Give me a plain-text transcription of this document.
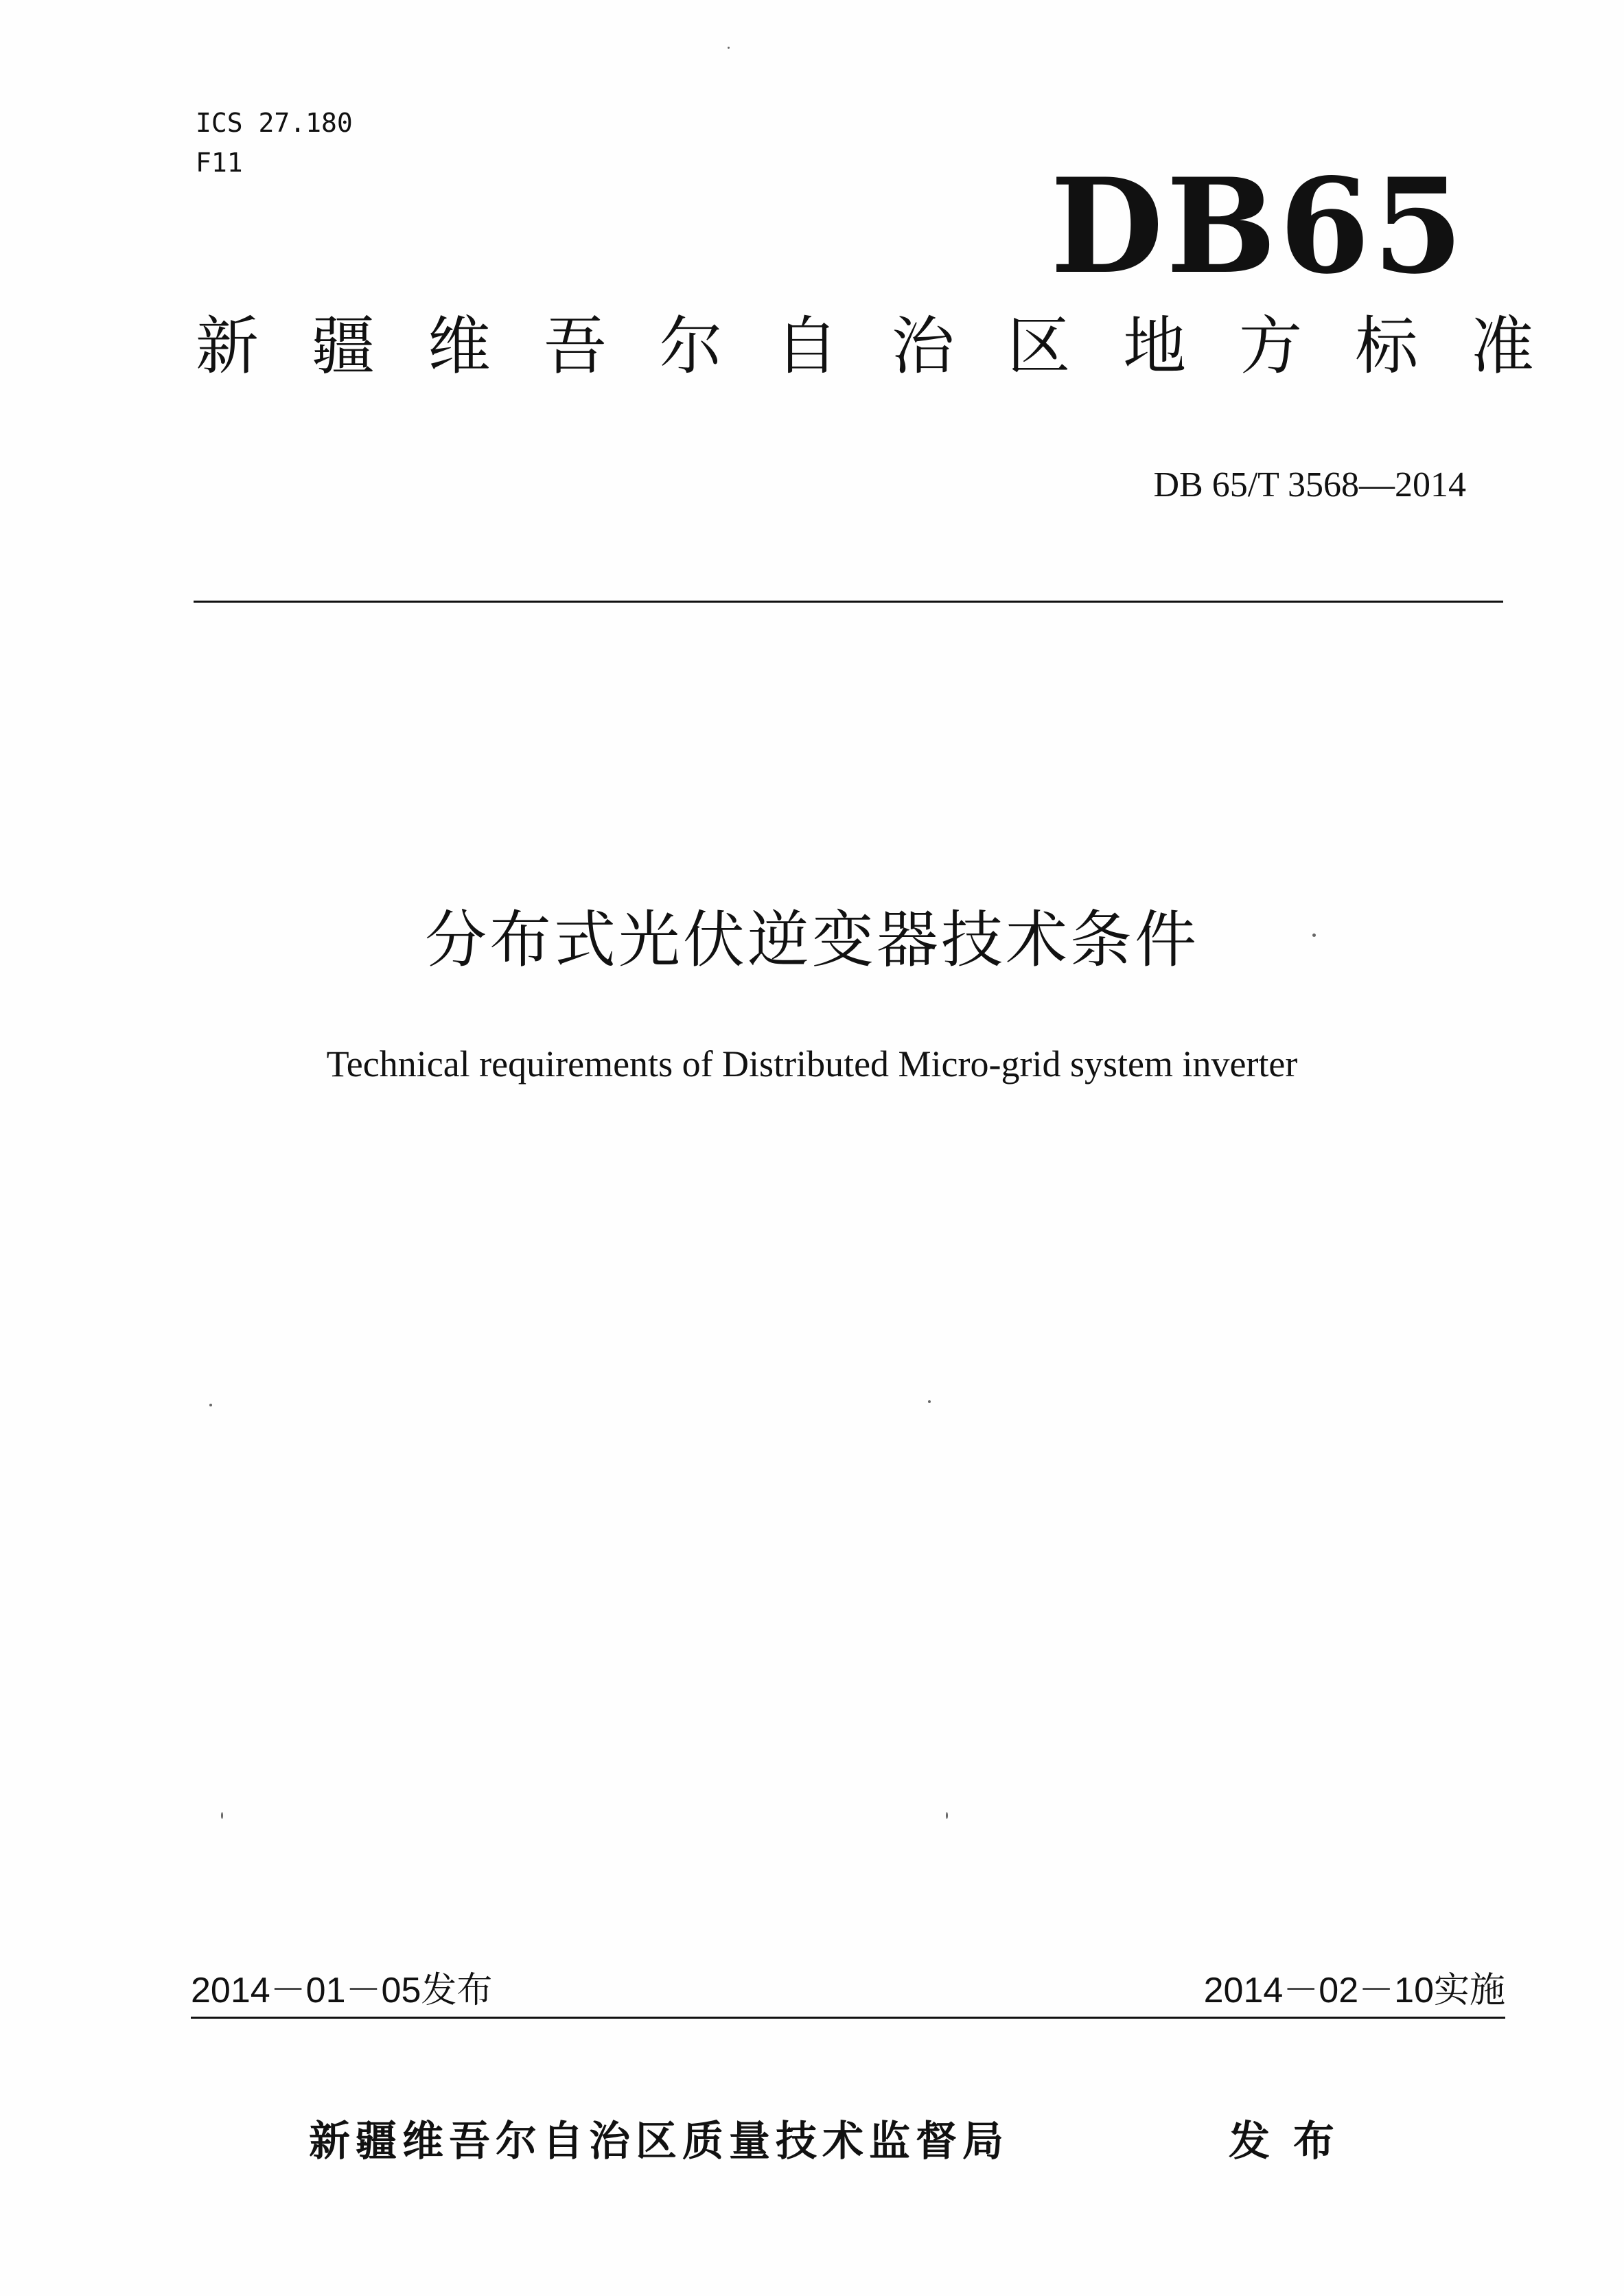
ICS 27.180
F11	DB65
新 疆 维 吾 尔 自 治 区 地 方 标 准
DB 65/T 3568—2014
分布式光伏逆变器技术条件
Technical requirements of Distributed Micro-grid system inverter
2014－01－05发布	2014－02－10实施
新疆维吾尔自治区质量技术监督局	发布
